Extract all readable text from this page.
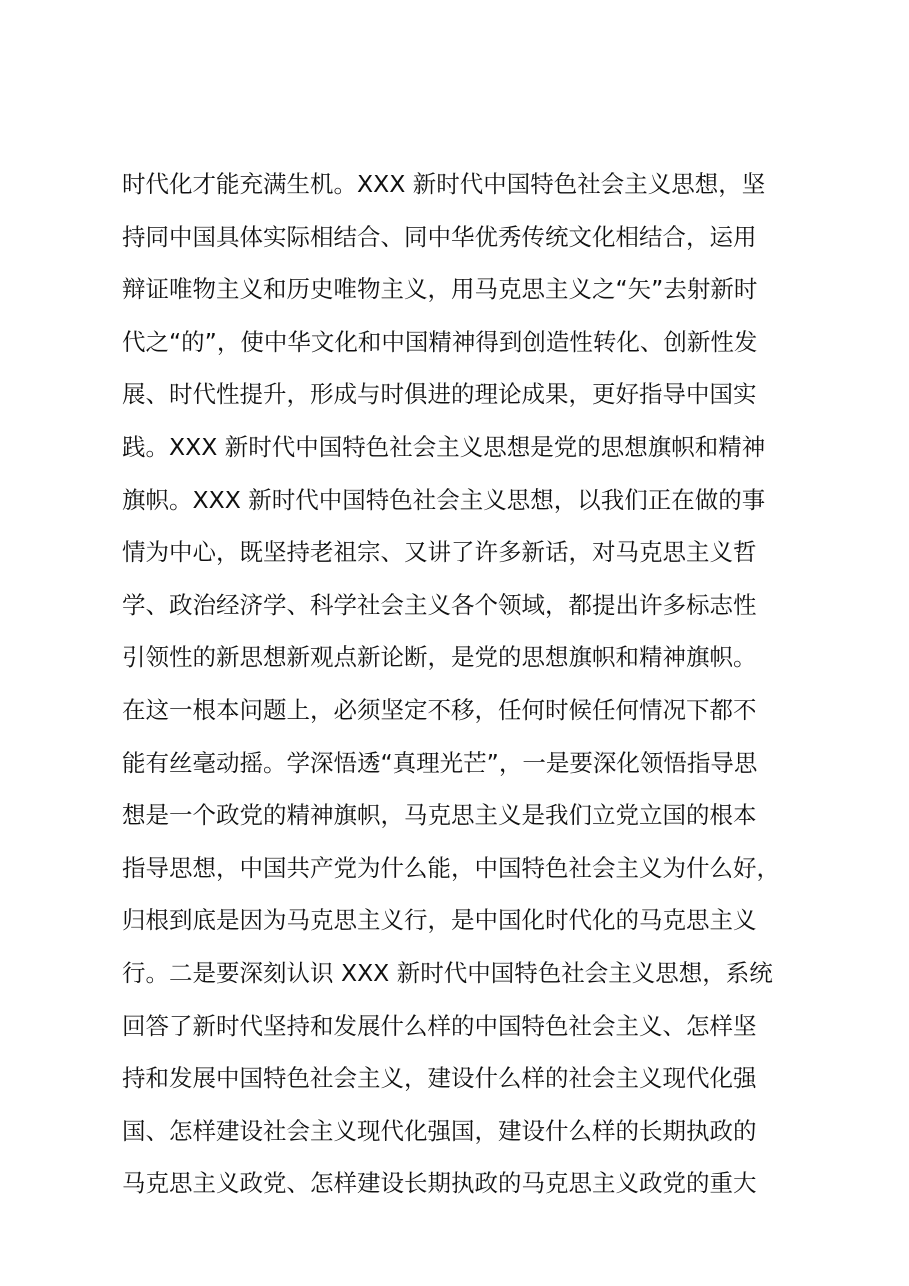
时代化才能充满生机。XXX 新时代中国特色社会主义思想，坚
持同中国具体实际相结合、同中华优秀传统文化相结合，运用
辩证唯物主义和历史唯物主义，用马克思主义之“矢”去射新时
代之“的”，使中华文化和中国精神得到创造性转化、创新性发
展、时代性提升，形成与时俱进的理论成果，更好指导中国实
践。XXX 新时代中国特色社会主义思想是党的思想旗帜和精神
旗帜。XXX 新时代中国特色社会主义思想，以我们正在做的事
情为中心，既坚持老祖宗、又讲了许多新话，对马克思主义哲
学、政治经济学、科学社会主义各个领域，都提出许多标志性
引领性的新思想新观点新论断，是党的思想旗帜和精神旗帜。
在这一根本问题上，必须坚定不移，任何时候任何情况下都不
能有丝毫动摇。学深悟透“真理光芒”，一是要深化领悟指导思
想是一个政党的精神旗帜，马克思主义是我们立党立国的根本
指导思想，中国共产党为什么能，中国特色社会主义为什么好，
归根到底是因为马克思主义行，是中国化时代化的马克思主义
行。二是要深刻认识 XXX 新时代中国特色社会主义思想，系统
回答了新时代坚持和发展什么样的中国特色社会主义、怎样坚
持和发展中国特色社会主义，建设什么样的社会主义现代化强
国、怎样建设社会主义现代化强国，建设什么样的长期执政的
马克思主义政党、怎样建设长期执政的马克思主义政党的重大
